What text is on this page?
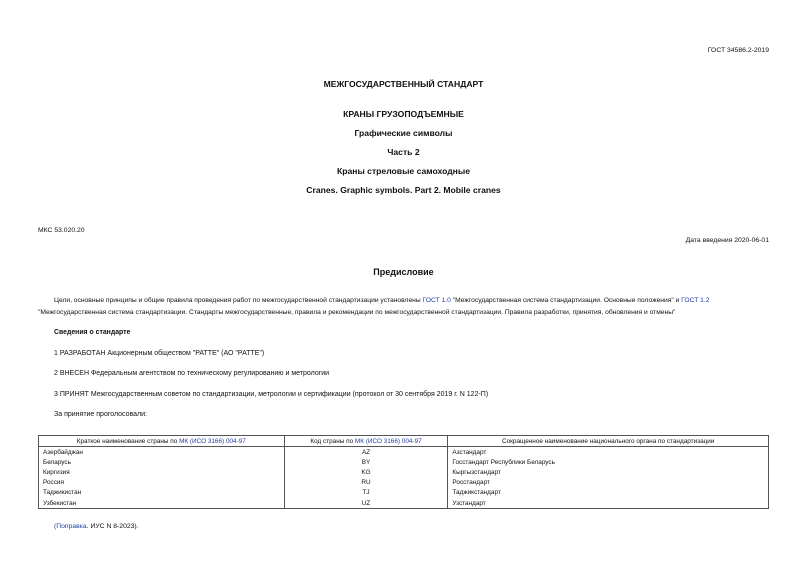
ГОСТ 34586.2-2019
МЕЖГОСУДАРСТВЕННЫЙ СТАНДАРТ
КРАНЫ ГРУЗОПОДЪЕМНЫЕ
Графические символы
Часть 2
Краны стреловые самоходные
Cranes. Graphic symbols. Part 2. Mobile cranes
МКС 53.020.20
Дата введения 2020-06-01
Предисловие
Цели, основные принципы и общие правила проведения работ по межгосударственной стандартизации установлены ГОСТ 1.0 "Межгосударственная система стандартизации. Основные положения" и ГОСТ 1.2 "Межгосударственная система стандартизации. Стандарты межгосударственные, правила и рекомендации по межгосударственной стандартизации. Правила разработки, принятия, обновления и отмены"
Сведения о стандарте
1 РАЗРАБОТАН Акционерным обществом "РАТТЕ" (АО "РАТТЕ")
2 ВНЕСЕН Федеральным агентством по техническому регулированию и метрологии
3 ПРИНЯТ Межгосударственным советом по стандартизации, метрологии и сертификации (протокол от 30 сентября 2019 г. N 122-П)
За принятие проголосовали:
Краткое наименование страны по МК (ИСО 3166) 004-97	Код страны по МК (ИСО 3166) 004-97	Сокращенное наименование национального органа по стандартизации
Азербайджан	AZ	Азстандарт
Беларусь	BY	Госстандарт Республики Беларусь
Киргизия	KG	Кыргызстандарт
Россия	RU	Росстандарт
Таджикистан	TJ	Таджикстандарт
Узбекистан	UZ	Узстандарт
(Поправка. ИУС N 8-2023).
